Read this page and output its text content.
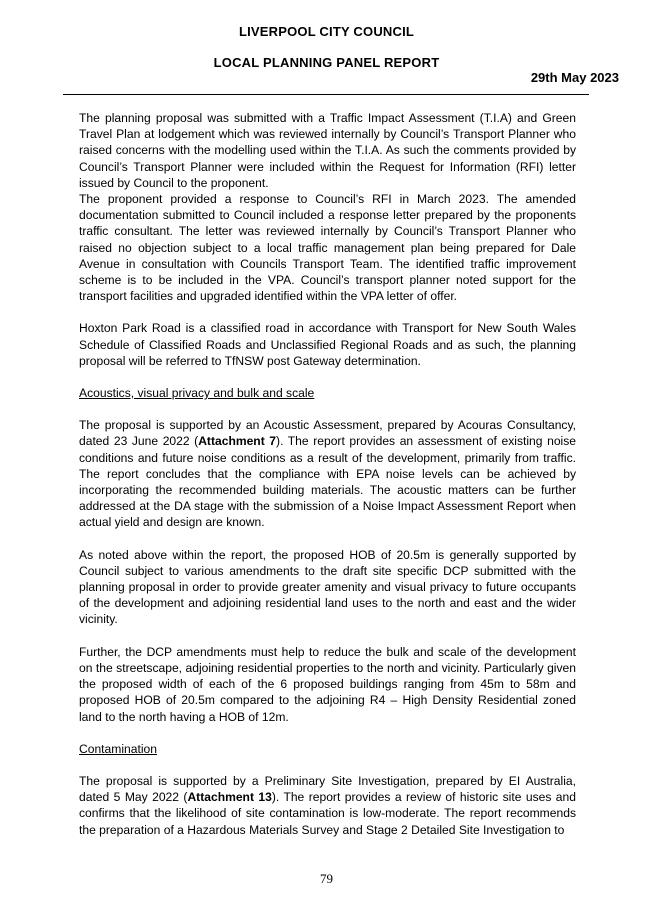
LIVERPOOL CITY COUNCIL
LOCAL PLANNING PANEL REPORT
29th May 2023

The planning proposal was submitted with a Traffic Impact Assessment (T.I.A) and Green Travel Plan at lodgement which was reviewed internally by Council’s Transport Planner who raised concerns with the modelling used within the T.I.A. As such the comments provided by Council’s Transport Planner were included within the Request for Information (RFI) letter issued by Council to the proponent.

The proponent provided a response to Council’s RFI in March 2023. The amended documentation submitted to Council included a response letter prepared by the proponents traffic consultant. The letter was reviewed internally by Council’s Transport Planner who raised no objection subject to a local traffic management plan being prepared for Dale Avenue in consultation with Councils Transport Team. The identified traffic improvement scheme is to be included in the VPA. Council’s transport planner noted support for the transport facilities and upgraded identified within the VPA letter of offer.

Hoxton Park Road is a classified road in accordance with Transport for New South Wales Schedule of Classified Roads and Unclassified Regional Roads and as such, the planning proposal will be referred to TfNSW post Gateway determination.

Acoustics, visual privacy and bulk and scale

The proposal is supported by an Acoustic Assessment, prepared by Acouras Consultancy, dated 23 June 2022 (Attachment 7). The report provides an assessment of existing noise conditions and future noise conditions as a result of the development, primarily from traffic. The report concludes that the compliance with EPA noise levels can be achieved by incorporating the recommended building materials. The acoustic matters can be further addressed at the DA stage with the submission of a Noise Impact Assessment Report when actual yield and design are known.

As noted above within the report, the proposed HOB of 20.5m is generally supported by Council subject to various amendments to the draft site specific DCP submitted with the planning proposal in order to provide greater amenity and visual privacy to future occupants of the development and adjoining residential land uses to the north and east and the wider vicinity.

Further, the DCP amendments must help to reduce the bulk and scale of the development on the streetscape, adjoining residential properties to the north and vicinity. Particularly given the proposed width of each of the 6 proposed buildings ranging from 45m to 58m and proposed HOB of 20.5m compared to the adjoining R4 – High Density Residential zoned land to the north having a HOB of 12m.

Contamination

The proposal is supported by a Preliminary Site Investigation, prepared by EI Australia, dated 5 May 2022 (Attachment 13). The report provides a review of historic site uses and confirms that the likelihood of site contamination is low-moderate. The report recommends the preparation of a Hazardous Materials Survey and Stage 2 Detailed Site Investigation to

79
